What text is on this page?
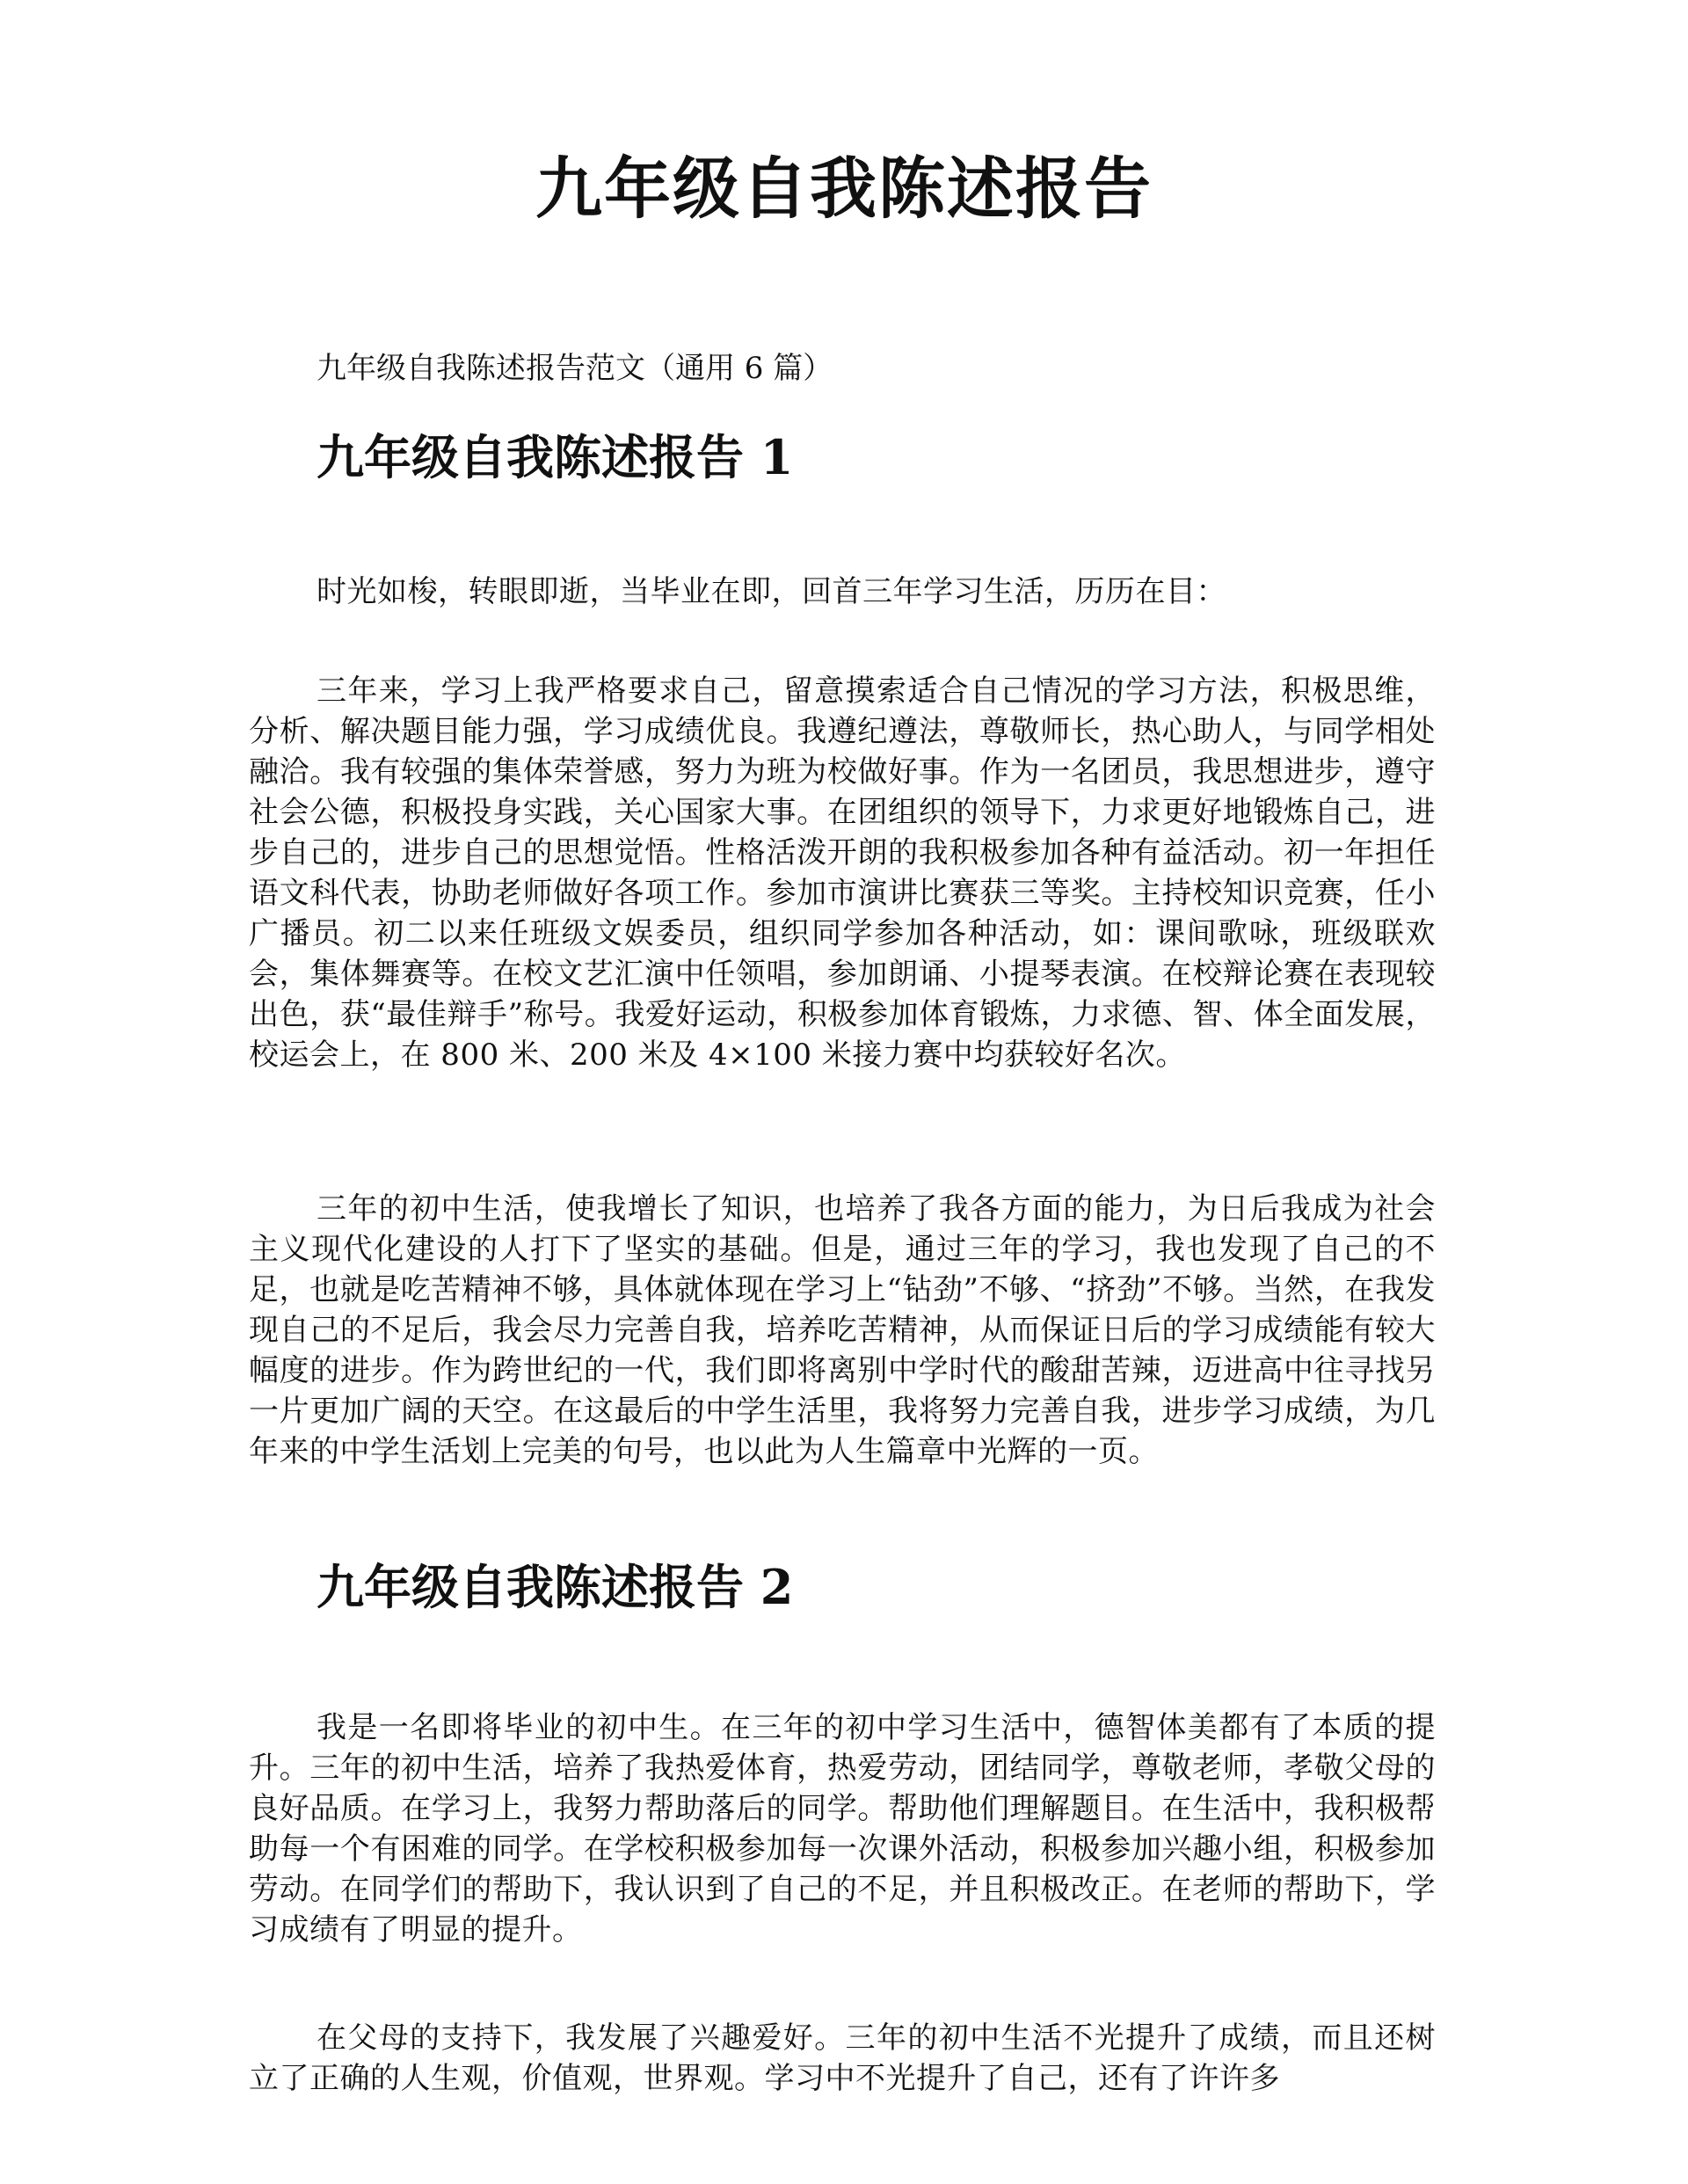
九年级自我陈述报告

九年级自我陈述报告范文（通用 6 篇）

九年级自我陈述报告 1

时光如梭，转眼即逝，当毕业在即，回首三年学习生活，历历在目：

三年来，学习上我严格要求自己，留意摸索适合自己情况的学习方法，积极思维，分析、解决题目能力强，学习成绩优良。我遵纪遵法，尊敬师长，热心助人，与同学相处融洽。我有较强的集体荣誉感，努力为班为校做好事。作为一名团员，我思想进步，遵守社会公德，积极投身实践，关心国家大事。在团组织的领导下，力求更好地锻炼自己，进步自己的，进步自己的思想觉悟。性格活泼开朗的我积极参加各种有益活动。初一年担任语文科代表，协助老师做好各项工作。参加市演讲比赛获三等奖。主持校知识竞赛，任小广播员。初二以来任班级文娱委员，组织同学参加各种活动，如：课间歌咏，班级联欢会，集体舞赛等。在校文艺汇演中任领唱，参加朗诵、小提琴表演。在校辩论赛在表现较出色，获“最佳辩手”称号。我爱好运动，积极参加体育锻炼，力求德、智、体全面发展，校运会上，在 800 米、200 米及 4×100 米接力赛中均获较好名次。

三年的初中生活，使我增长了知识，也培养了我各方面的能力，为日后我成为社会主义现代化建设的人打下了坚实的基础。但是，通过三年的学习，我也发现了自己的不足，也就是吃苦精神不够，具体就体现在学习上“钻劲”不够、“挤劲”不够。当然，在我发现自己的不足后，我会尽力完善自我，培养吃苦精神，从而保证日后的学习成绩能有较大幅度的进步。作为跨世纪的一代，我们即将离别中学时代的酸甜苦辣，迈进高中往寻找另一片更加广阔的天空。在这最后的中学生活里，我将努力完善自我，进步学习成绩，为几年来的中学生活划上完美的句号，也以此为人生篇章中光辉的一页。

九年级自我陈述报告 2

我是一名即将毕业的初中生。在三年的初中学习生活中，德智体美都有了本质的提升。三年的初中生活，培养了我热爱体育，热爱劳动，团结同学，尊敬老师，孝敬父母的良好品质。在学习上，我努力帮助落后的同学。帮助他们理解题目。在生活中，我积极帮助每一个有困难的同学。在学校积极参加每一次课外活动，积极参加兴趣小组，积极参加劳动。在同学们的帮助下，我认识到了自己的不足，并且积极改正。在老师的帮助下，学习成绩有了明显的提升。

在父母的支持下，我发展了兴趣爱好。三年的初中生活不光提升了成绩，而且还树立了正确的人生观，价值观，世界观。学习中不光提升了自己，还有了许许多
